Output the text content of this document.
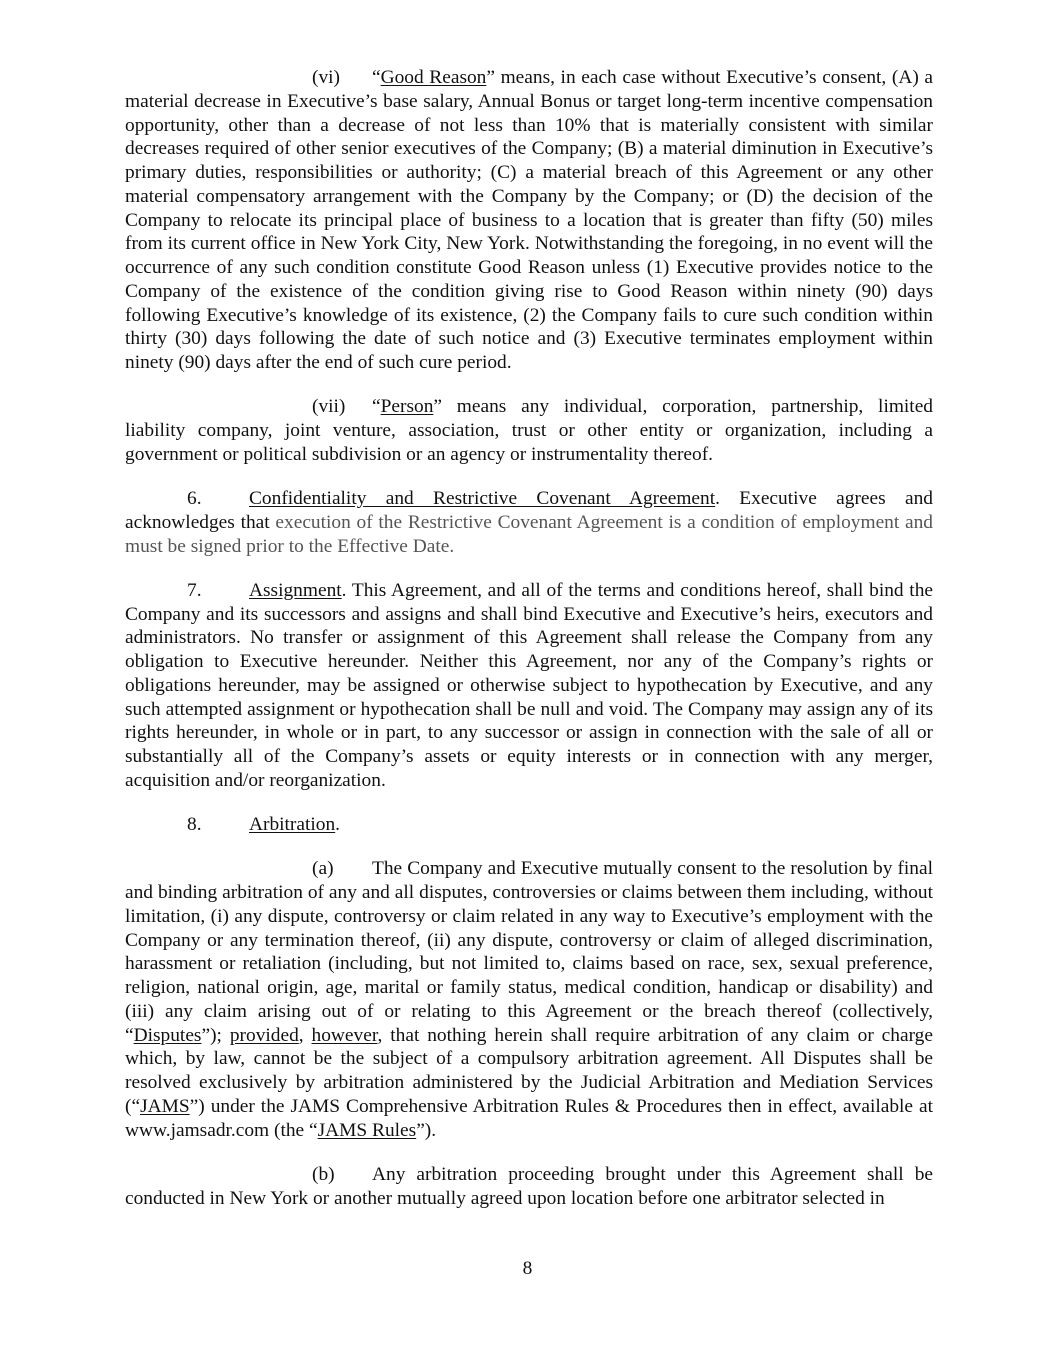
(vi) “Good Reason” means, in each case without Executive’s consent, (A) a material decrease in Executive’s base salary, Annual Bonus or target long-term incentive compensation opportunity, other than a decrease of not less than 10% that is materially consistent with similar decreases required of other senior executives of the Company; (B) a material diminution in Executive’s primary duties, responsibilities or authority; (C) a material breach of this Agreement or any other material compensatory arrangement with the Company by the Company; or (D) the decision of the Company to relocate its principal place of business to a location that is greater than fifty (50) miles from its current office in New York City, New York. Notwithstanding the foregoing, in no event will the occurrence of any such condition constitute Good Reason unless (1) Executive provides notice to the Company of the existence of the condition giving rise to Good Reason within ninety (90) days following Executive’s knowledge of its existence, (2) the Company fails to cure such condition within thirty (30) days following the date of such notice and (3) Executive terminates employment within ninety (90) days after the end of such cure period.

(vii) “Person” means any individual, corporation, partnership, limited liability company, joint venture, association, trust or other entity or organization, including a government or political subdivision or an agency or instrumentality thereof.

6. Confidentiality and Restrictive Covenant Agreement. Executive agrees and acknowledges that execution of the Restrictive Covenant Agreement is a condition of employment and must be signed prior to the Effective Date.

7. Assignment. This Agreement, and all of the terms and conditions hereof, shall bind the Company and its successors and assigns and shall bind Executive and Executive’s heirs, executors and administrators. No transfer or assignment of this Agreement shall release the Company from any obligation to Executive hereunder. Neither this Agreement, nor any of the Company’s rights or obligations hereunder, may be assigned or otherwise subject to hypothecation by Executive, and any such attempted assignment or hypothecation shall be null and void. The Company may assign any of its rights hereunder, in whole or in part, to any successor or assign in connection with the sale of all or substantially all of the Company’s assets or equity interests or in connection with any merger, acquisition and/or reorganization.

8. Arbitration.

(a) The Company and Executive mutually consent to the resolution by final and binding arbitration of any and all disputes, controversies or claims between them including, without limitation, (i) any dispute, controversy or claim related in any way to Executive’s employment with the Company or any termination thereof, (ii) any dispute, controversy or claim of alleged discrimination, harassment or retaliation (including, but not limited to, claims based on race, sex, sexual preference, religion, national origin, age, marital or family status, medical condition, handicap or disability) and (iii) any claim arising out of or relating to this Agreement or the breach thereof (collectively, “Disputes”); provided, however, that nothing herein shall require arbitration of any claim or charge which, by law, cannot be the subject of a compulsory arbitration agreement. All Disputes shall be resolved exclusively by arbitration administered by the Judicial Arbitration and Mediation Services (“JAMS”) under the JAMS Comprehensive Arbitration Rules & Procedures then in effect, available at www.jamsadr.com (the “JAMS Rules”).

(b) Any arbitration proceeding brought under this Agreement shall be conducted in New York or another mutually agreed upon location before one arbitrator selected in

8
